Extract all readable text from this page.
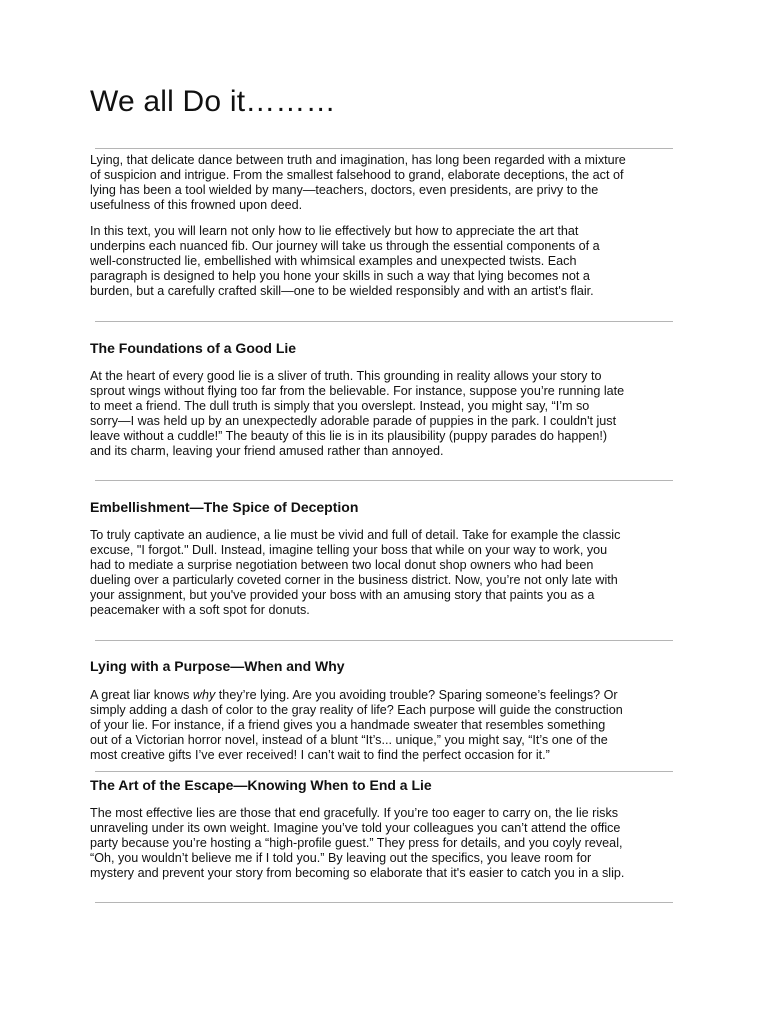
We all Do it………

Lying, that delicate dance between truth and imagination, has long been regarded with a mixture
of suspicion and intrigue. From the smallest falsehood to grand, elaborate deceptions, the act of
lying has been a tool wielded by many—teachers, doctors, even presidents, are privy to the
usefulness of this frowned upon deed.

In this text, you will learn not only how to lie effectively but how to appreciate the art that
underpins each nuanced fib. Our journey will take us through the essential components of a
well-constructed lie, embellished with whimsical examples and unexpected twists. Each
paragraph is designed to help you hone your skills in such a way that lying becomes not a
burden, but a carefully crafted skill—one to be wielded responsibly and with an artist's flair.

The Foundations of a Good Lie

At the heart of every good lie is a sliver of truth. This grounding in reality allows your story to
sprout wings without flying too far from the believable. For instance, suppose you’re running late
to meet a friend. The dull truth is simply that you overslept. Instead, you might say, “I’m so
sorry—I was held up by an unexpectedly adorable parade of puppies in the park. I couldn't just
leave without a cuddle!” The beauty of this lie is in its plausibility (puppy parades do happen!)
and its charm, leaving your friend amused rather than annoyed.

Embellishment—The Spice of Deception

To truly captivate an audience, a lie must be vivid and full of detail. Take for example the classic
excuse, "I forgot." Dull. Instead, imagine telling your boss that while on your way to work, you
had to mediate a surprise negotiation between two local donut shop owners who had been
dueling over a particularly coveted corner in the business district. Now, you’re not only late with
your assignment, but you've provided your boss with an amusing story that paints you as a
peacemaker with a soft spot for donuts.

Lying with a Purpose—When and Why

A great liar knows why they’re lying. Are you avoiding trouble? Sparing someone’s feelings? Or
simply adding a dash of color to the gray reality of life? Each purpose will guide the construction
of your lie. For instance, if a friend gives you a handmade sweater that resembles something
out of a Victorian horror novel, instead of a blunt “It’s... unique,” you might say, “It’s one of the
most creative gifts I’ve ever received! I can’t wait to find the perfect occasion for it.”

The Art of the Escape—Knowing When to End a Lie

The most effective lies are those that end gracefully. If you’re too eager to carry on, the lie risks
unraveling under its own weight. Imagine you’ve told your colleagues you can’t attend the office
party because you’re hosting a “high-profile guest.” They press for details, and you coyly reveal,
“Oh, you wouldn’t believe me if I told you.” By leaving out the specifics, you leave room for
mystery and prevent your story from becoming so elaborate that it's easier to catch you in a slip.
